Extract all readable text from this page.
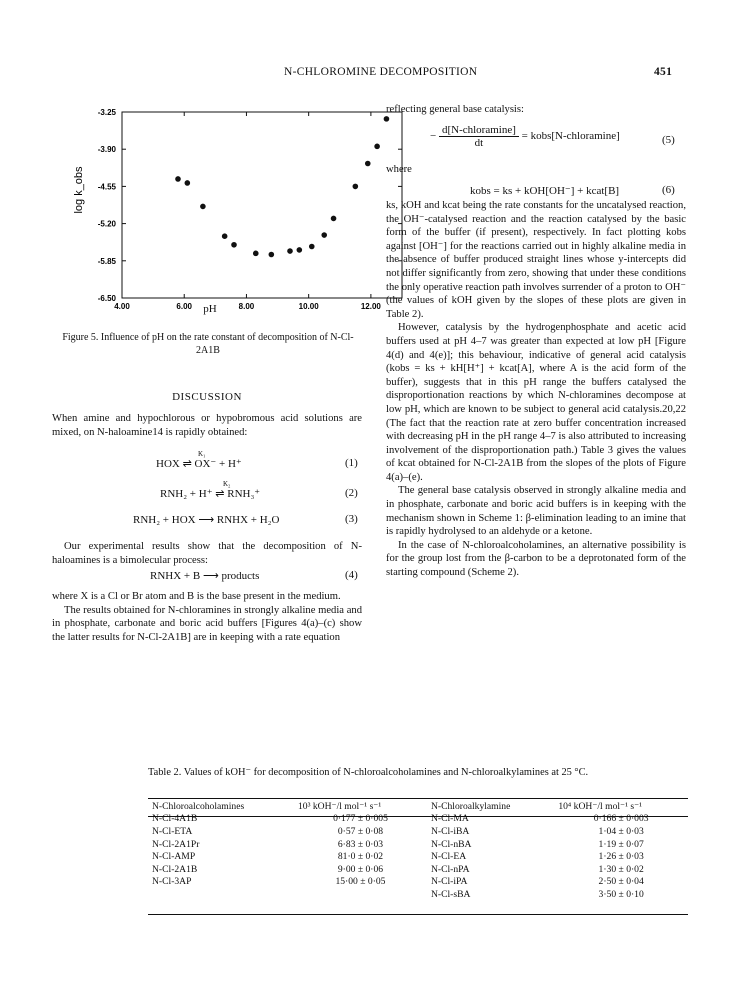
N-CHLOROMINE DECOMPOSITION	451
-3.25
-3.90
-4.55
-5.20
-5.85
-6.50
4.00	6.00	8.00	10.00	12.00
log k_obs
pH
Figure 5. Influence of pH on the rate constant of decomposition of N-Cl-2A1B
DISCUSSION

When amine and hypochlorous or hypobromous acid solutions are mixed, on N-haloamine14 is rapidly obtained:

HOX ⇌ OX⁻ + H⁺
K₁
(1)
RNH₂ + H⁺ ⇌ RNH₃⁺
K₂
(2)
RNH₂ + HOX ⟶ RNHX + H₂O	(3)

Our experimental results show that the decomposition of N-haloamines is a bimolecular process:

RNHX + B ⟶ products	(4)

where X is a Cl or Br atom and B is the base present in the medium.

The results obtained for N-chloramines in strongly alkaline media and in phosphate, carbonate and boric acid buffers [Figures 4(a)–(c) show the latter results for N-Cl-2A1B] are in keeping with a rate equation

reflecting general base catalysis:

− $\frac{\text{d[N-chloramine]}}{dt}$ = kobs[N-chloramine]	(5)

where

kobs = ks + kOH[OH⁻] + kcat[B]	(6)

ks, kOH and kcat being the rate constants for the uncatalysed reaction, the OH⁻-catalysed reaction and the reaction catalysed by the basic form of the buffer (if present), respectively. In fact plotting kobs against [OH⁻] for the reactions carried out in highly alkaline media in the absence of buffer produced straight lines whose y-intercepts did not differ significantly from zero, showing that under these conditions the only operative reaction path involves surrender of a proton to OH⁻ (the values of kOH given by the slopes of these plots are given in Table 2).

However, catalysis by the hydrogenphosphate and acetic acid buffers used at pH 4–7 was greater than expected at low pH [Figure 4(d) and 4(e)]; this behaviour, indicative of general acid catalysis (kobs = ks + kH[H⁺] + kcat[A], where A is the acid form of the buffer), suggests that in this pH range the buffers catalysed the disproportionation reactions by which N-chloramines decompose at low pH, which are known to be subject to general acid catalysis.20,22 (The fact that the reaction rate at zero buffer concentration increased with decreasing pH in the pH range 4–7 is also attributed to increasing involvement of the disproportionation path.) Table 3 gives the values of kcat obtained for N-Cl-2A1B from the slopes of the plots of Figure 4(a)–(e).

The general base catalysis observed in strongly alkaline media and in phosphate, carbonate and boric acid buffers is in keeping with the mechanism shown in Scheme 1: β-elimination leading to an imine that is rapidly hydrolysed to an aldehyde or a ketone.

In the case of N-chloroalcoholamines, an alternative possibility is for the group lost from the β-carbon to be a deprotonated form of the starting compound (Scheme 2).

Table 2. Values of kOH⁻ for decomposition of N-chloroalcoholamines and N-chloroalkylamines at 25 °C.
N-Chloroalcoholamines	10³ kOH⁻/l mol⁻¹ s⁻¹	N-Chloroalkylamine	10⁴ kOH⁻/l mol⁻¹ s⁻¹
N-Cl-4A1B	0·177 ± 0·005	N-Cl-MA	0·166 ± 0·003
N-Cl-ETA	0·57 ± 0·08	N-Cl-iBA	1·04 ± 0·03
N-Cl-2A1Pr	6·83 ± 0·03	N-Cl-nBA	1·19 ± 0·07
N-Cl-AMP	81·0 ± 0·02	N-Cl-EA	1·26 ± 0·03
N-Cl-2A1B	9·00 ± 0·06	N-Cl-nPA	1·30 ± 0·02
N-Cl-3AP	15·00 ± 0·05	N-Cl-iPA	2·50 ± 0·04
		N-Cl-sBA	3·50 ± 0·10
